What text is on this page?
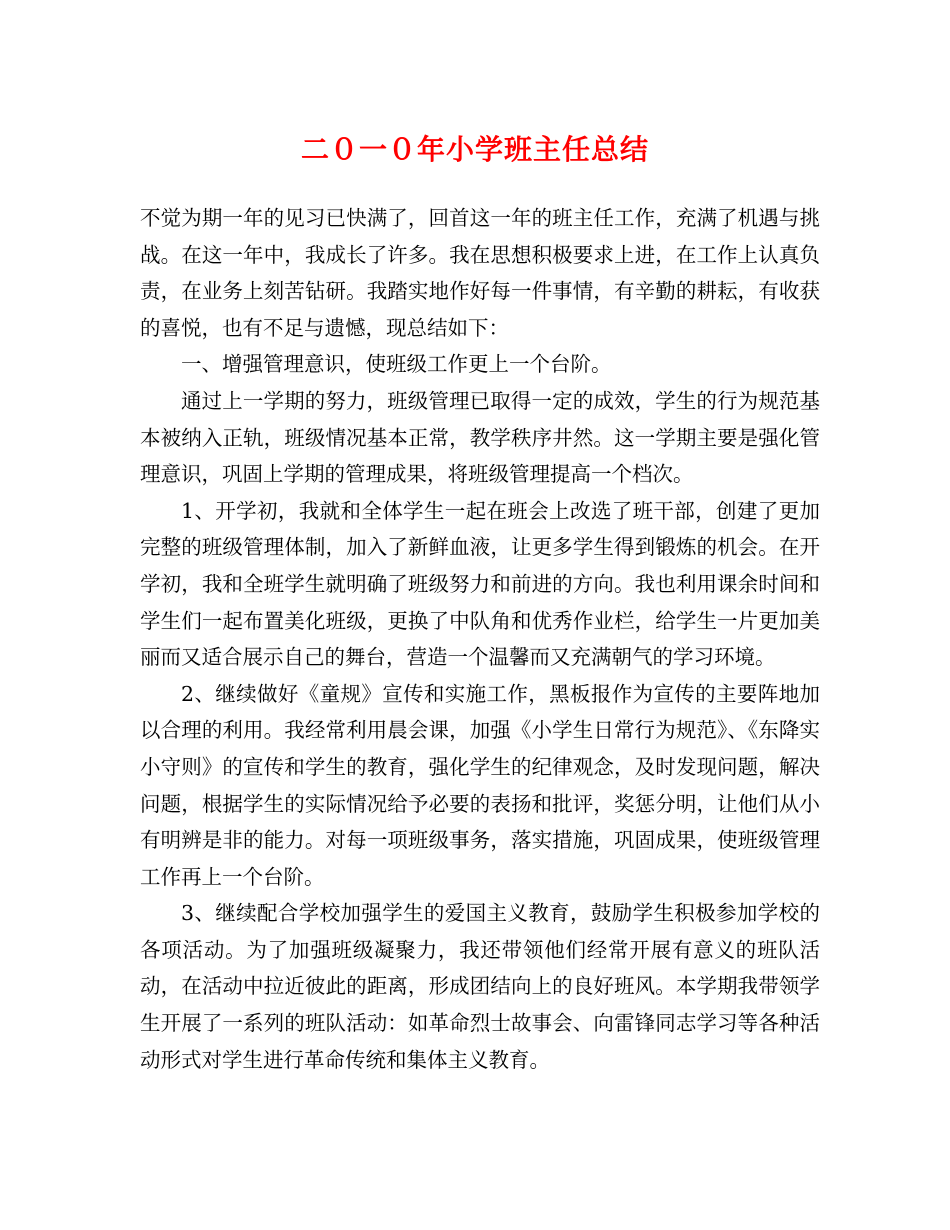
二０一０年小学班主任总结

不觉为期一年的见习已快满了，回首这一年的班主任工作，充满了机遇与挑战。在这一年中，我成长了许多。我在思想积极要求上进，在工作上认真负责，在业务上刻苦钻研。我踏实地作好每一件事情，有辛勤的耕耘，有收获的喜悦，也有不足与遗憾，现总结如下：

一、增强管理意识，使班级工作更上一个台阶。

通过上一学期的努力，班级管理已取得一定的成效，学生的行为规范基本被纳入正轨，班级情况基本正常，教学秩序井然。这一学期主要是强化管理意识，巩固上学期的管理成果，将班级管理提高一个档次。

1、开学初，我就和全体学生一起在班会上改选了班干部，创建了更加完整的班级管理体制，加入了新鲜血液，让更多学生得到锻炼的机会。在开学初，我和全班学生就明确了班级努力和前进的方向。我也利用课余时间和学生们一起布置美化班级，更换了中队角和优秀作业栏，给学生一片更加美丽而又适合展示自己的舞台，营造一个温馨而又充满朝气的学习环境。

2、继续做好《童规》宣传和实施工作，黑板报作为宣传的主要阵地加以合理的利用。我经常利用晨会课，加强《小学生日常行为规范》、《东降实小守则》的宣传和学生的教育，强化学生的纪律观念，及时发现问题，解决问题，根据学生的实际情况给予必要的表扬和批评，奖惩分明，让他们从小有明辨是非的能力。对每一项班级事务，落实措施，巩固成果，使班级管理工作再上一个台阶。

3、继续配合学校加强学生的爱国主义教育，鼓励学生积极参加学校的各项活动。为了加强班级凝聚力，我还带领他们经常开展有意义的班队活动，在活动中拉近彼此的距离，形成团结向上的良好班风。本学期我带领学生开展了一系列的班队活动：如革命烈士故事会、向雷锋同志学习等各种活动形式对学生进行革命传统和集体主义教育。
